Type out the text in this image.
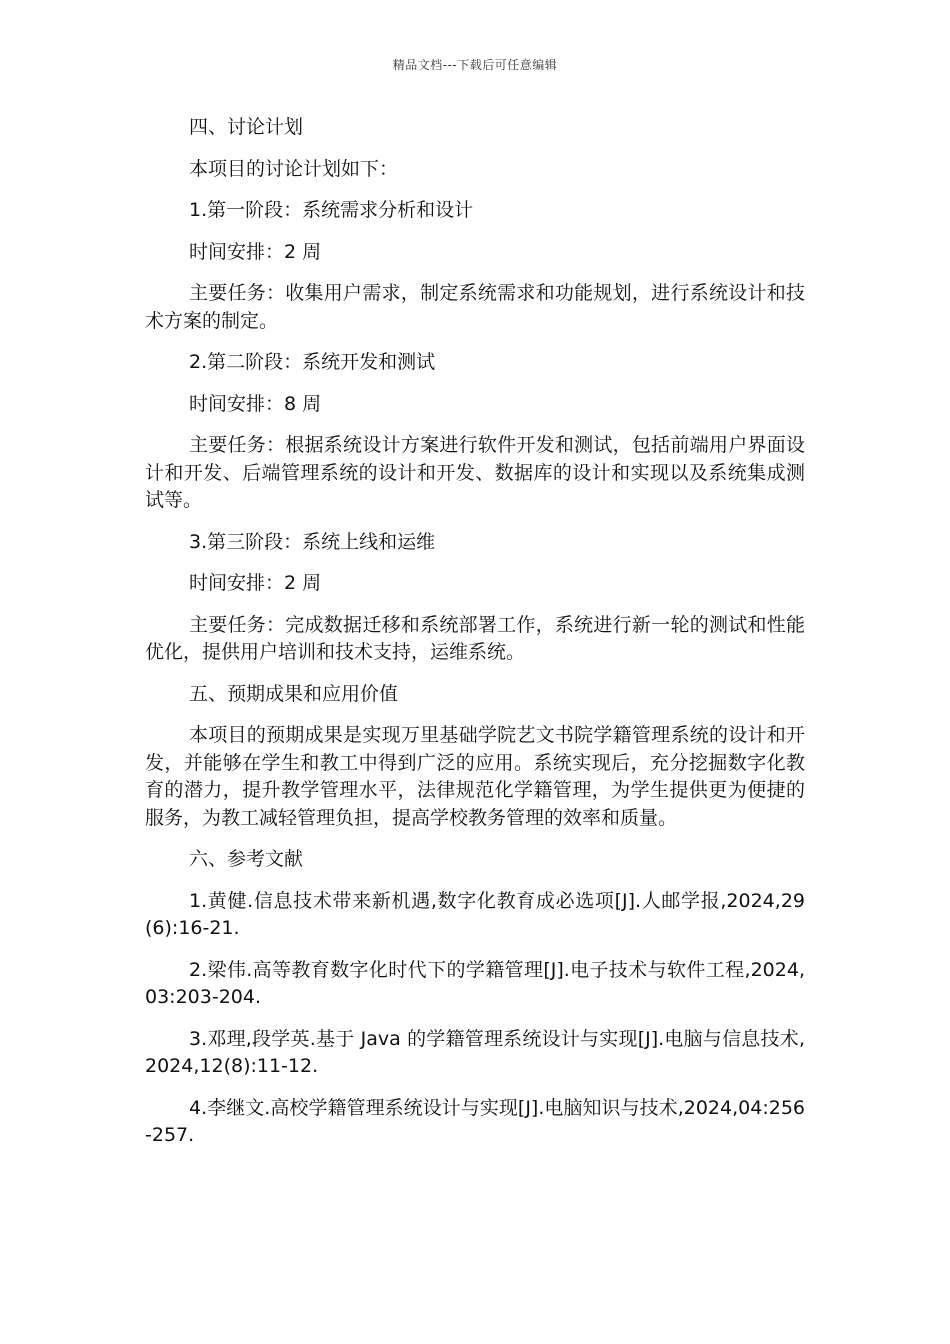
精品文档---下载后可任意编辑

四、讨论计划

本项目的讨论计划如下：

1.第一阶段：系统需求分析和设计

时间安排：2 周

主要任务：收集用户需求，制定系统需求和功能规划，进行系统设计和技术方案的制定。

2.第二阶段：系统开发和测试

时间安排：8 周

主要任务：根据系统设计方案进行软件开发和测试，包括前端用户界面设计和开发、后端管理系统的设计和开发、数据库的设计和实现以及系统集成测试等。

3.第三阶段：系统上线和运维

时间安排：2 周

主要任务：完成数据迁移和系统部署工作，系统进行新一轮的测试和性能优化，提供用户培训和技术支持，运维系统。

五、预期成果和应用价值

本项目的预期成果是实现万里基础学院艺文书院学籍管理系统的设计和开发，并能够在学生和教工中得到广泛的应用。系统实现后，充分挖掘数字化教育的潜力，提升教学管理水平，法律规范化学籍管理，为学生提供更为便捷的服务，为教工减轻管理负担，提高学校教务管理的效率和质量。

六、参考文献

1.黄健.信息技术带来新机遇,数字化教育成必选项[J].人邮学报,2024,29(6):16-21.

2.梁伟.高等教育数字化时代下的学籍管理[J].电子技术与软件工程,2024,03:203-204.

3.邓理,段学英.基于 Java 的学籍管理系统设计与实现[J].电脑与信息技术,2024,12(8):11-12.

4.李继文.高校学籍管理系统设计与实现[J].电脑知识与技术,2024,04:256-257.
